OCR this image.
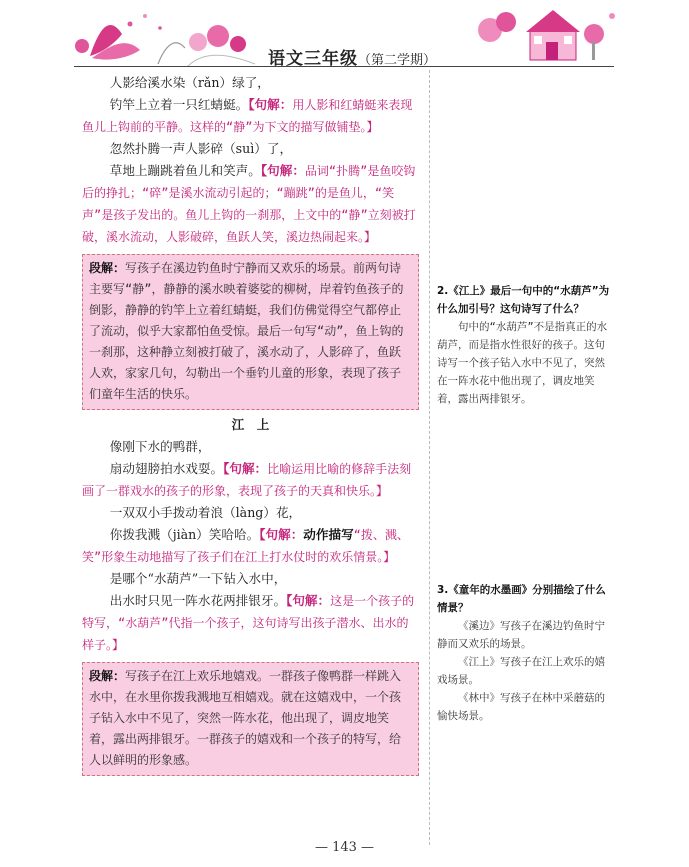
语文三年级（第二学期）

人影给溪水染（rǎn）绿了，

钓竿上立着一只红蜻蜓。【句解：用人影和红蜻蜓来表现鱼儿上钩前的平静。这样的“静”为下文的描写做铺垫。】

忽然扑腾一声人影碎（suì）了，

草地上蹦跳着鱼儿和笑声。【句解：品词“扑腾”是鱼咬钩后的挣扎；“碎”是溪水流动引起的；“蹦跳”的是鱼儿，“笑声”是孩子发出的。鱼儿上钩的一刹那，上文中的“静”立刻被打破，溪水流动，人影破碎，鱼跃人笑，溪边热闹起来。】

段解：写孩子在溪边钓鱼时宁静而又欢乐的场景。前两句诗主要写“静”，静静的溪水映着婆娑的柳树，岸着钓鱼孩子的倒影，静静的钓竿上立着红蜻蜓，我们仿佛觉得空气都停止了流动，似乎大家都怕鱼受惊。最后一句写“动”，鱼上钩的一刹那，这种静立刻被打破了，溪水动了，人影碎了，鱼跃人欢，家家几句，勾勒出一个垂钓儿童的形象，表现了孩子们童年生活的快乐。

江　上

像刚下水的鸭群，

扇动翅膀拍水戏耍。【句解：比喻运用比喻的修辞手法刻画了一群戏水的孩子的形象，表现了孩子的天真和快乐。】

一双双小手拨动着浪（làng）花，

你拨我溅（jiàn）笑哈哈。【句解：动作描写“拨、溅、笑”形象生动地描写了孩子们在江上打水仗时的欢乐情景。】

是哪个“水葫芦”一下钻入水中，

出水时只见一阵水花两排银牙。【句解：这是一个孩子的特写，“水葫芦”代指一个孩子，这句诗写出孩子潜水、出水的样子。】

段解：写孩子在江上欢乐地嬉戏。一群孩子像鸭群一样跳入水中，在水里你拨我溅地互相嬉戏。就在这嬉戏中，一个孩子钻入水中不见了，突然一阵水花，他出现了，调皮地笑着，露出两排银牙。一群孩子的嬉戏和一个孩子的特写，给人以鲜明的形象感。

2.《江上》最后一句中的“水葫芦”为什么加引号？这句诗写了什么？

句中的“水葫芦”不是指真正的水葫芦，而是指水性很好的孩子。这句诗写一个孩子钻入水中不见了，突然在一阵水花中他出现了，调皮地笑着，露出两排银牙。

3.《童年的水墨画》分别描绘了什么情景？

《溪边》写孩子在溪边钓鱼时宁静而又欢乐的场景。

《江上》写孩子在江上欢乐的嬉戏场景。

《林中》写孩子在林中采蘑菇的愉快场景。

— 143 —
